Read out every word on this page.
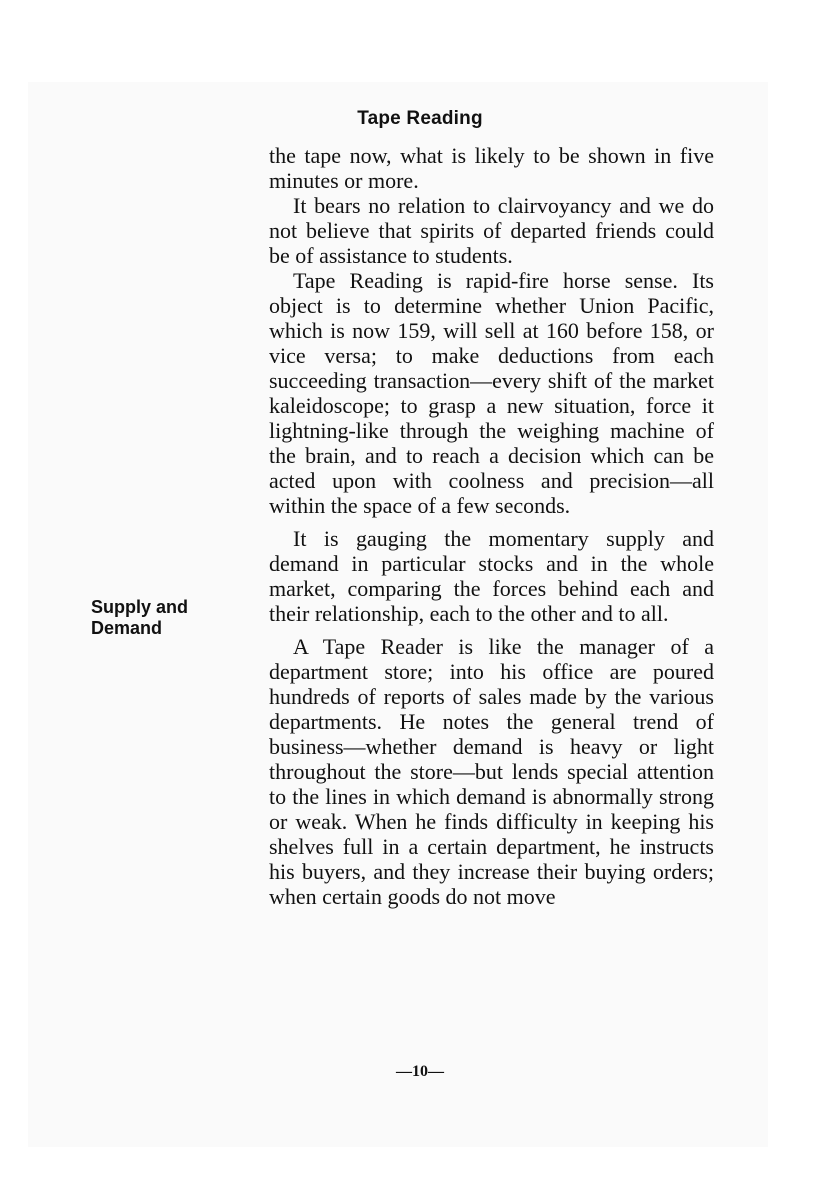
Tape Reading
Supply and Demand

the tape now, what is likely to be shown in five minutes or more.

It bears no relation to clairvoyancy and we do not believe that spirits of departed friends could be of assistance to students.

Tape Reading is rapid-fire horse sense. Its object is to determine whether Union Pacific, which is now 159, will sell at 160 before 158, or vice versa; to make deductions from each succeeding transaction—every shift of the market kaleidoscope; to grasp a new situation, force it lightning-like through the weighing machine of the brain, and to reach a decision which can be acted upon with coolness and precision—all within the space of a few seconds.

It is gauging the momentary supply and demand in particular stocks and in the whole market, comparing the forces behind each and their relationship, each to the other and to all.

A Tape Reader is like the manager of a department store; into his office are poured hundreds of reports of sales made by the various departments. He notes the general trend of business—whether demand is heavy or light throughout the store—but lends special attention to the lines in which demand is abnormally strong or weak. When he finds difficulty in keeping his shelves full in a certain department, he instructs his buyers, and they increase their buying orders; when certain goods do not move

—10—
